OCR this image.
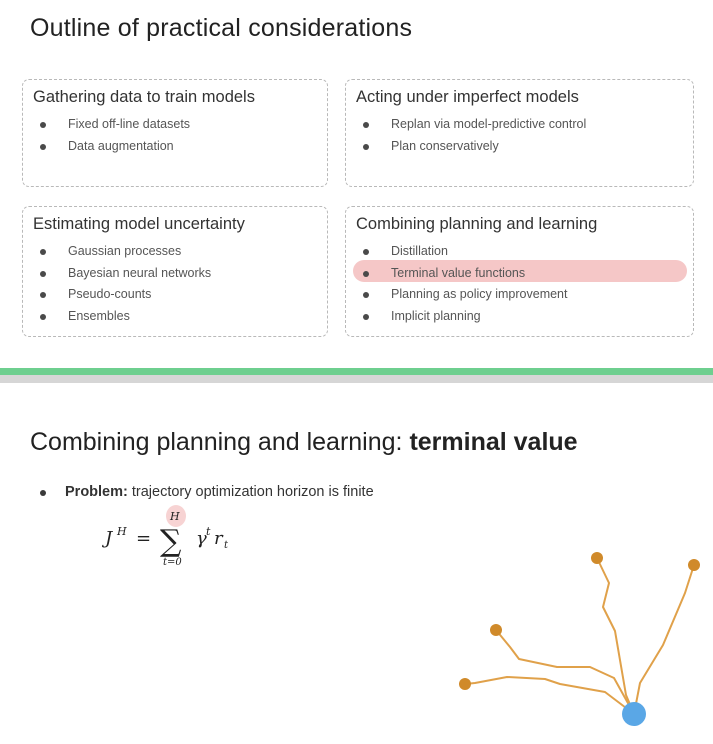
Outline of practical considerations
Gathering data to train models
Fixed off-line datasets
Data augmentation
Acting under imperfect models
Replan via model-predictive control
Plan conservatively
Estimating model uncertainty
Gaussian processes
Bayesian neural networks
Pseudo-counts
Ensembles
Combining planning and learning
Distillation
Terminal value functions
Planning as policy improvement
Implicit planning
Combining planning and learning: terminal value
Problem: trajectory optimization horizon is finite
J H =
H
∑
t=0
γ t r t
